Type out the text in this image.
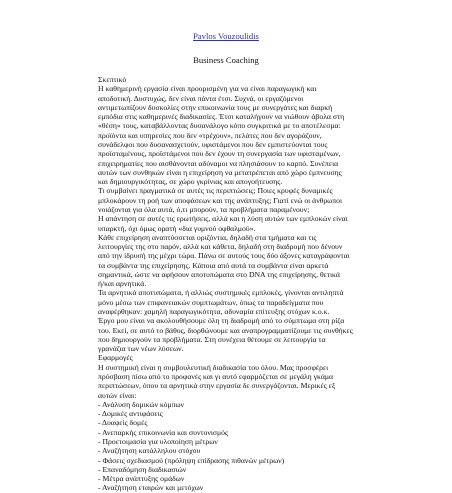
Pavlos Vouzoulidis
Business Coaching
Σκεπτικό
Η καθημερινή εργασία είναι προορισμένη για να είναι παραγωγική και
αποδοτική. Δυστυχώς, δεν είναι πάντα έτσι. Συχνά, οι εργαζόμενοι
αντιμετωπίζουν δυσκολίες στην επικοινωνία τους με συνεργάτες και διαρκή
εμπόδια στις καθημερινές διαδικασίες. Έτσι καταλήγουν να νιώθουν άβολα στη
«θέση» τους, καταβάλλοντας δυσανάλογο κόπο συγκριτικά με το αποτέλεσμα:
προϊόντα και υπηρεσίες που δεν «τρέχουν», πελάτες που δεν αγοράζουν,
συνάδελφοι που δυσανασχετούν, υφιστάμενοι που δεν εμπιστεύονται τους
προϊσταμένους, προϊστάμενοι που δεν έχουν τη συνεργασία των υφισταμένων,
επιχειρηματίες που αισθάνονται αδύναμοι να πλησιάσουν το καρπό. Συνέπεια
αυτών των συνθηκών είναι η επιχείρηση να μετατρέπεται από χώρο έμπνευσης
και δημιουργικότητας, σε χώρο γκρίνιας και απογοήτευσης.
Τι συμβαίνει πραγματικά σε αυτές τις περιπτώσεις; Ποιες κρυφές δυναμικές
μπλοκάρουν τη ροή των αποφάσεων και της ανάπτυξης; Γιατί ενώ οι άνθρωποι
νοιάζονται για όλα αυτά, ό,τι μπορούν, τα προβλήματα παραμένουν;
Η απάντηση σε αυτές τις ερωτήσεις, αλλά και η λύση αυτών των εμπλοκών είναι
υπαρκτή, όχι όμως ορατή «δια γυμνού οφθαλμού».
Κάθε επιχείρηση αναπτύσσεται οριζόντια, δηλαδή στα τμήματα και τις
λειτουργίες της στο παρόν, αλλά και κάθετα, δηλαδή στη διαδρομή που δένουν
από την ίδρυσή της μέχρι τώρα. Πάνω σε αυτούς τους δύο άξονες καταγράφονται
τα συμβάντα της επιχείρησης. Κάποια από αυτά τα συμβάντα είναι αρκετά
σημαντικά, ώστε να αφήσουν αποτυπώματα στο DNA της επιχείρησης, θετικά
ή/και αρνητικά.
Τα αρνητικά αποτυπώματα, ή αλλιώς συστημικές εμπλοκές, γίνονται αντιληπτά
μόνο μέσω των επιφανειακών συμπτωμάτων, όπως τα παραδείγματα που
αναφέρθηκαν: χαμηλή παραγωγικότητα, αδυναμία επίτευξης στόχων κ.ο.κ.
Έργο μου είναι να ακολουθήσουμε όλη τη διαδρομή από το σύμπτωμα στη ρίζα
του. Εκεί, σε αυτό το βάθος, διορθώνουμε και αναπρογραμματίζουμε τις συνθήκες
που δημιουργούν τα προβλήματα. Στη συνέχεια θέτουμε σε λειτουργία τα
γρανάζια των νέων λύσεων.
Εφαρμογές
Η συστημική είναι η συμβουλευτική διαδικασία του όλου. Μας προσφέρει
πρόσβαση πίσω από το προφανές και γι αυτό εφαρμόζεται σε μεγάλη γκάμα
περιπτώσεων, όπου τα αρνητικά στην εργασία δε συνεργάζονται. Μερικές εξ
αυτών είναι:
- Ανάλυση δομικών κόμπων
- Δομικές αντιφάσεις
- Δυαφείς δομές
- Ανεπαρκής επικοινωνία και συντονισμός
- Προετοιμασία για υλοποίηση μέτρων
- Αναζήτηση κατάλληλου στόχου
- Φάσεις σχεδιασμού (πρόληψη επίδρασης πιθανών μέτρων)
- Επαναδόμηση διαδικασιών
- Μέτρα ανάπτυξης ομάδων
- Αναζήτηση εταιρών και μετόχων
